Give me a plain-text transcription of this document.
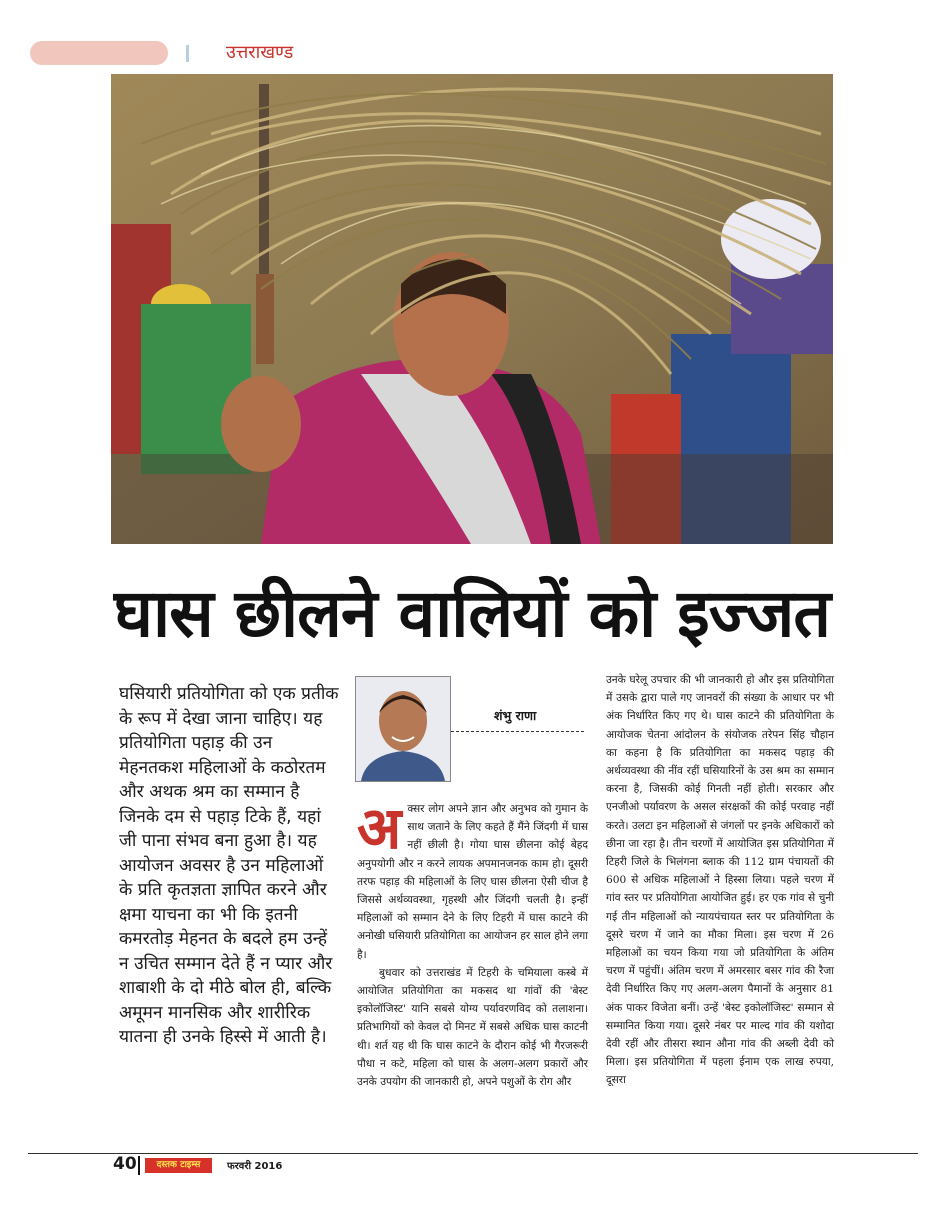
उत्तराखण्ड
घास छीलने वालियों को इज्जत

घसियारी प्रतियोगिता को एक प्रतीक के रूप में देखा जाना चाहिए। यह प्रतियोगिता पहाड़ की उन मेहनतकश महिलाओं के कठोरतम और अथक श्रम का सम्मान है जिनके दम से पहाड़ टिके हैं, यहां जी पाना संभव बना हुआ है। यह आयोजन अवसर है उन महिलाओं के प्रति कृतज्ञता ज्ञापित करने और क्षमा याचना का भी कि इतनी कमरतोड़ मेहनत के बदले हम उन्हें न उचित सम्मान देते हैं न प्यार और शाबाशी के दो मीठे बोल ही, बल्कि अमूमन मानसिक और शारीरिक यातना ही उनके हिस्से में आती है।

शंभु राणा

अक्सर लोग अपने ज्ञान और अनुभव को गुमान के साथ जताने के लिए कहते हैं मैंने जिंदगी में घास नहीं छीली है। गोया घास छीलना कोई बेहद अनुपयोगी और न करने लायक अपमानजनक काम हो। दूसरी तरफ पहाड़ की महिलाओं के लिए घास छीलना ऐसी चीज है जिससे अर्थव्यवस्था, गृहस्थी और जिंदगी चलती है। इन्हीं महिलाओं को सम्मान देने के लिए टिहरी में घास काटने की अनोखी घसियारी प्रतियोगिता का आयोजन हर साल होने लगा है।

बुधवार को उत्तराखंड में टिहरी के चमियाला कस्बे में आयोजित प्रतियोगिता का मकसद था गांवों की 'बेस्ट इकोलॉजिस्ट' यानि सबसे योग्य पर्यावरणविद को तलाशना। प्रतिभागियों को केवल दो मिनट में सबसे अधिक घास काटनी थी। शर्त यह थी कि घास काटने के दौरान कोई भी गैरजरूरी पौधा न कटे, महिला को घास के अलग-अलग प्रकारों और उनके उपयोग की जानकारी हो, अपने पशुओं के रोग और

उनके घरेलू उपचार की भी जानकारी हो और इस प्रतियोगिता में उसके द्वारा पाले गए जानवरों की संख्या के आधार पर भी अंक निर्धारित किए गए थे। घास काटने की प्रतियोगिता के आयोजक चेतना आंदोलन के संयोजक तरेपन सिंह चौहान का कहना है कि प्रतियोगिता का मकसद पहाड़ की अर्थव्यवस्था की नींव रहीं घसियारिनों के उस श्रम का सम्मान करना है, जिसकी कोई गिनती नहीं होती। सरकार और एनजीओ पर्यावरण के असल संरक्षकों की कोई परवाह नहीं करते। उलटा इन महिलाओं से जंगलों पर इनके अधिकारों को छीना जा रहा है। तीन चरणों में आयोजित इस प्रतियोगिता में टिहरी जिले के भिलंगना ब्लाक की 112 ग्राम पंचायतों की 600 से अधिक महिलाओं ने हिस्सा लिया। पहले चरण में गांव स्तर पर प्रतियोगिता आयोजित हुई। हर एक गांव से चुनी गई तीन महिलाओं को न्यायपंचायत स्तर पर प्रतियोगिता के दूसरे चरण में जाने का मौका मिला। इस चरण में 26 महिलाओं का चयन किया गया जो प्रतियोगिता के अंतिम चरण में पहुंचीं। अंतिम चरण में अमरसार बसर गांव की रैजा देवी निर्धारित किए गए अलग-अलग पैमानों के अनुसार 81 अंक पाकर विजेता बनीं। उन्हें 'बेस्ट इकोलॉजिस्ट' सम्मान से सम्मानित किया गया। दूसरे नंबर पर माल्द गांव की यशोदा देवी रहीं और तीसरा स्थान औना गांव की अब्ली देवी को मिला। इस प्रतियोगिता में पहला ईनाम एक लाख रुपया, दूसरा

40	दस्तक टाइम्स	फरवरी 2016
